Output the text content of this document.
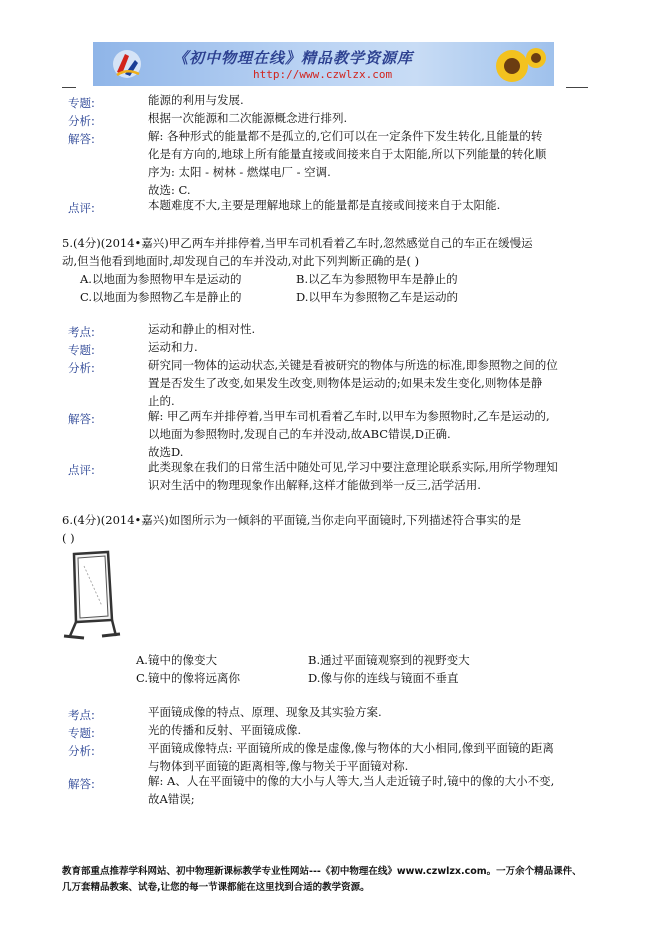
《初中物理在线》精品教学资源库
http://www.czwlzx.com
专题:	能源的利用与发展.
分析:	根据一次能源和二次能源概念进行排列.
解答:	解: 各种形式的能量都不是孤立的,它们可以在一定条件下发生转化,且能量的转
化是有方向的,地球上所有能量直接或间接来自于太阳能,所以下列能量的转化顺
序为: 太阳 - 树林 - 燃煤电厂 - 空调.
故选: C.
点评:	本题难度不大,主要是理解地球上的能量都是直接或间接来自于太阳能.
5.(4分)(2014•嘉兴)甲乙两车并排停着,当甲车司机看着乙车时,忽然感觉自己的车正在缓慢运
动,但当他看到地面时,却发现自己的车并没动,对此下列判断正确的是( )
A.以地面为参照物甲车是运动的	B.以乙车为参照物甲车是静止的
C.以地面为参照物乙车是静止的	D.以甲车为参照物乙车是运动的
考点:	运动和静止的相对性.
专题:	运动和力.
分析:	研究同一物体的运动状态,关键是看被研究的物体与所选的标准,即参照物之间的位
置是否发生了改变,如果发生改变,则物体是运动的;如果未发生变化,则物体是静
止的.
解答:	解: 甲乙两车并排停着,当甲车司机看着乙车时,以甲车为参照物时,乙车是运动的,
以地面为参照物时,发现自己的车并没动,故ABC错误,D正确.
故选D.
点评:	此类现象在我们的日常生活中随处可见,学习中要注意理论联系实际,用所学物理知
识对生活中的物理现象作出解释,这样才能做到举一反三,活学活用.
6.(4分)(2014•嘉兴)如图所示为一倾斜的平面镜,当你走向平面镜时,下列描述符合事实的是
( )
A.镜中的像变大	B.通过平面镜观察到的视野变大
C.镜中的像将远离你	D.像与你的连线与镜面不垂直
考点:	平面镜成像的特点、原理、现象及其实验方案.
专题:	光的传播和反射、平面镜成像.
分析:	平面镜成像特点: 平面镜所成的像是虚像,像与物体的大小相同,像到平面镜的距离
与物体到平面镜的距离相等,像与物关于平面镜对称.
解答:	解: A、人在平面镜中的像的大小与人等大,当人走近镜子时,镜中的像的大小不变,
故A错误;
教育部重点推荐学科网站、初中物理新课标教学专业性网站---《初中物理在线》www.czwlzx.com。一万余个精品课件、
几万套精品教案、试卷,让您的每一节课都能在这里找到合适的教学资源。
